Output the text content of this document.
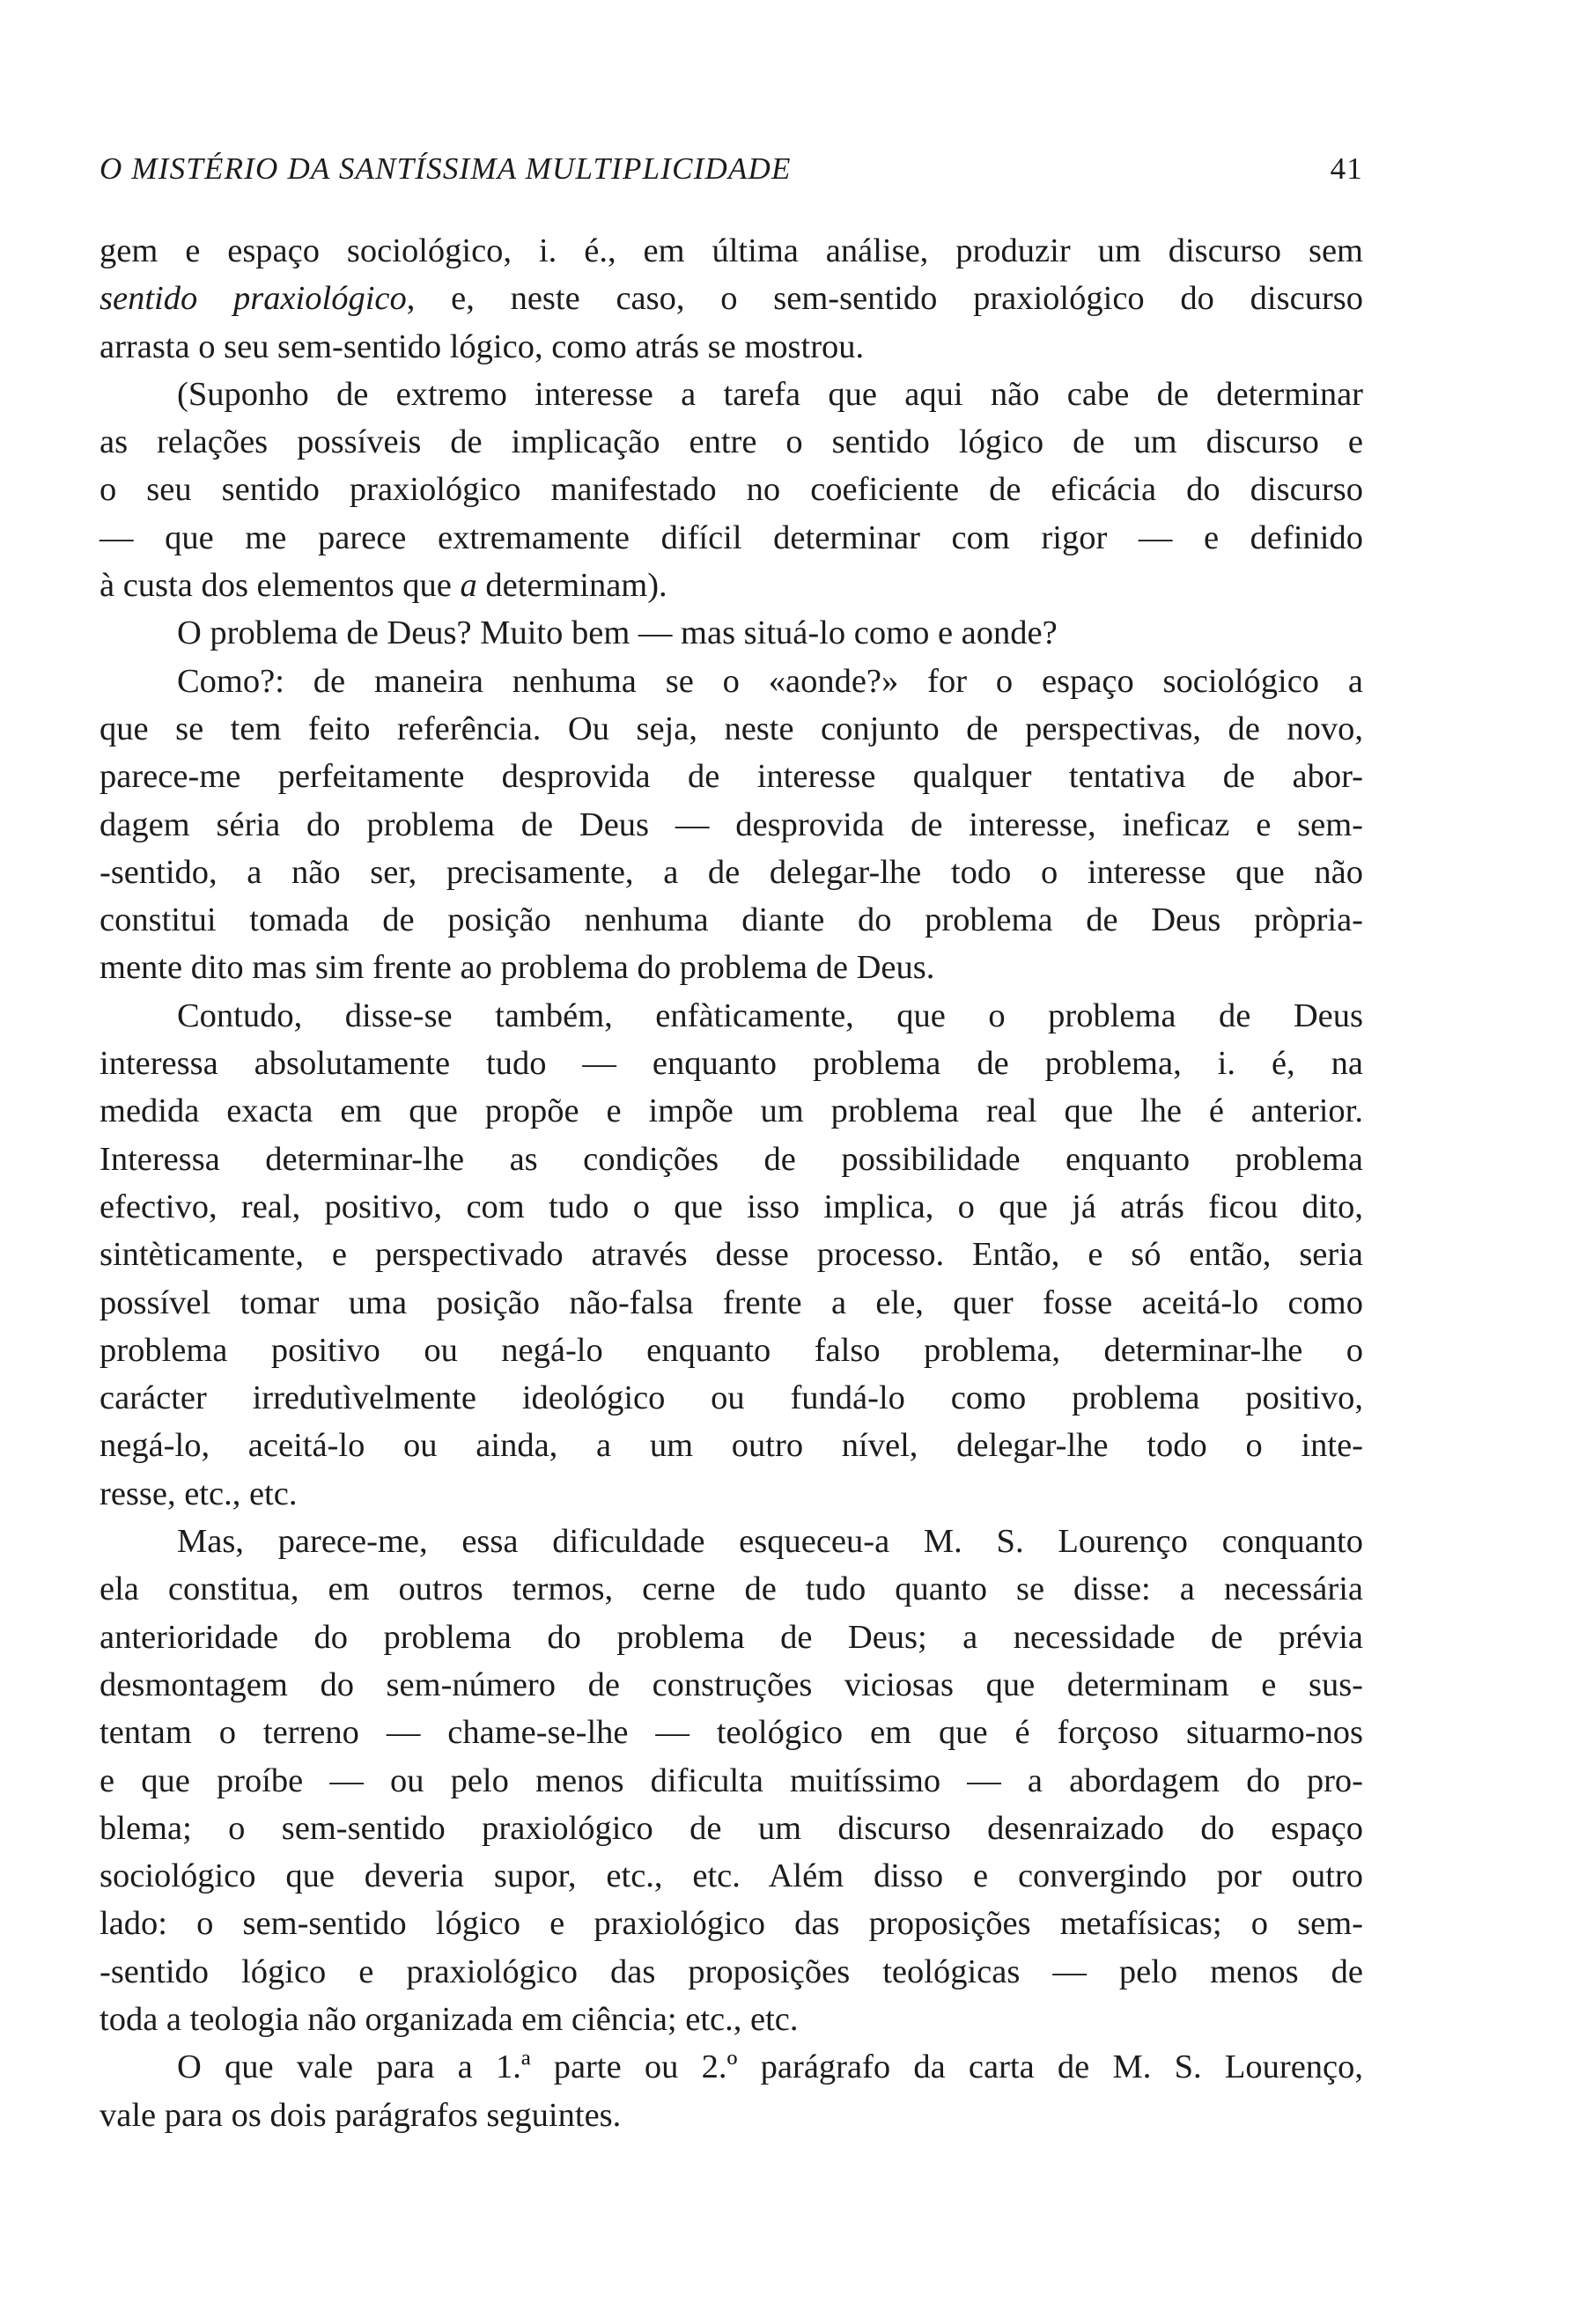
O MISTÉRIO DA SANTÍSSIMA MULTIPLICIDADE	41

gem e espaço sociológico, i. é., em última análise, produzir um discurso sem
sentido praxiológico, e, neste caso, o sem-sentido praxiológico do discurso
arrasta o seu sem-sentido lógico, como atrás se mostrou.

(Suponho de extremo interesse a tarefa que aqui não cabe de determinar
as relações possíveis de implicação entre o sentido lógico de um discurso e
o seu sentido praxiológico manifestado no coeficiente de eficácia do discurso
— que me parece extremamente difícil determinar com rigor — e definido
à custa dos elementos que a determinam).

O problema de Deus? Muito bem — mas situá-lo como e aonde?

Como?: de maneira nenhuma se o «aonde?» for o espaço sociológico a
que se tem feito referência. Ou seja, neste conjunto de perspectivas, de novo,
parece-me perfeitamente desprovida de interesse qualquer tentativa de abor-
dagem séria do problema de Deus — desprovida de interesse, ineficaz e sem-
-sentido, a não ser, precisamente, a de delegar-lhe todo o interesse que não
constitui tomada de posição nenhuma diante do problema de Deus pròpria-
mente dito mas sim frente ao problema do problema de Deus.

Contudo, disse-se também, enfàticamente, que o problema de Deus
interessa absolutamente tudo — enquanto problema de problema, i. é, na
medida exacta em que propõe e impõe um problema real que lhe é anterior.
Interessa determinar-lhe as condições de possibilidade enquanto problema
efectivo, real, positivo, com tudo o que isso implica, o que já atrás ficou dito,
sintèticamente, e perspectivado através desse processo. Então, e só então, seria
possível tomar uma posição não-falsa frente a ele, quer fosse aceitá-lo como
problema positivo ou negá-lo enquanto falso problema, determinar-lhe o
carácter irredutìvelmente ideológico ou fundá-lo como problema positivo,
negá-lo, aceitá-lo ou ainda, a um outro nível, delegar-lhe todo o inte-
resse, etc., etc.

Mas, parece-me, essa dificuldade esqueceu-a M. S. Lourenço conquanto
ela constitua, em outros termos, cerne de tudo quanto se disse: a necessária
anterioridade do problema do problema de Deus; a necessidade de prévia
desmontagem do sem-número de construções viciosas que determinam e sus-
tentam o terreno — chame-se-lhe — teológico em que é forçoso situarmo-nos
e que proíbe — ou pelo menos dificulta muitíssimo — a abordagem do pro-
blema; o sem-sentido praxiológico de um discurso desenraizado do espaço
sociológico que deveria supor, etc., etc. Além disso e convergindo por outro
lado: o sem-sentido lógico e praxiológico das proposições metafísicas; o sem-
-sentido lógico e praxiológico das proposições teológicas — pelo menos de
toda a teologia não organizada em ciência; etc., etc.

O que vale para a 1.ª parte ou 2.º parágrafo da carta de M. S. Lourenço,
vale para os dois parágrafos seguintes.
